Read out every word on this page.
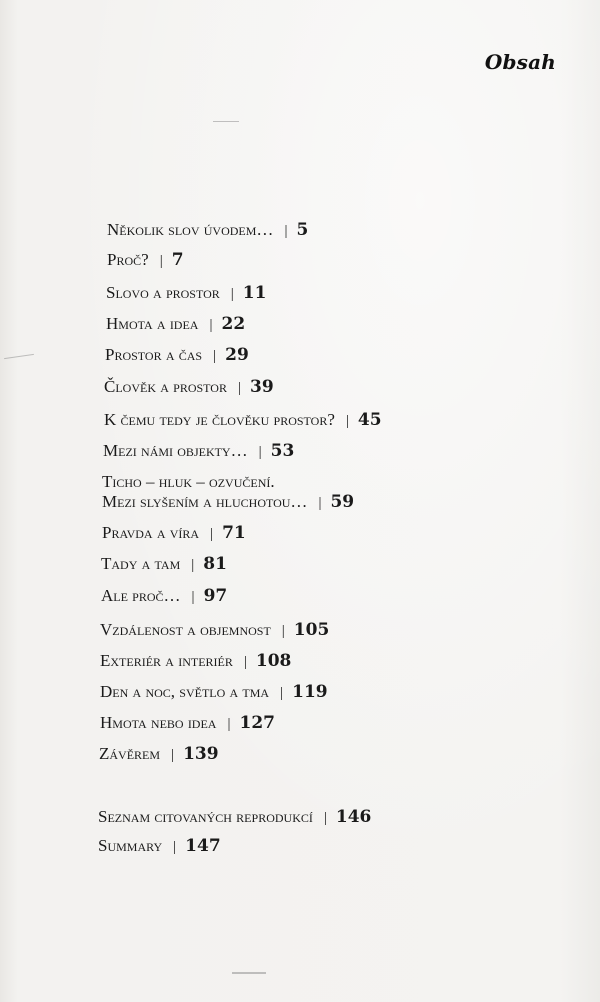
Obsah
Několik slov úvodem… | 5
Proč? | 7
Slovo a prostor | 11
Hmota a idea | 22
Prostor a čas | 29
Člověk a prostor | 39
K čemu tedy je člověku prostor? | 45
Mezi námi objekty… | 53
Ticho – hluk – ozvučení.
Mezi slyšením a hluchotou… | 59
Pravda a víra | 71
Tady a tam | 81
Ale proč… | 97
Vzdálenost a objemnost | 105
Exteriér a interiér | 108
Den a noc, světlo a tma | 119
Hmota nebo idea | 127
Závěrem | 139
Seznam citovaných reprodukcí | 146
Summary | 147
